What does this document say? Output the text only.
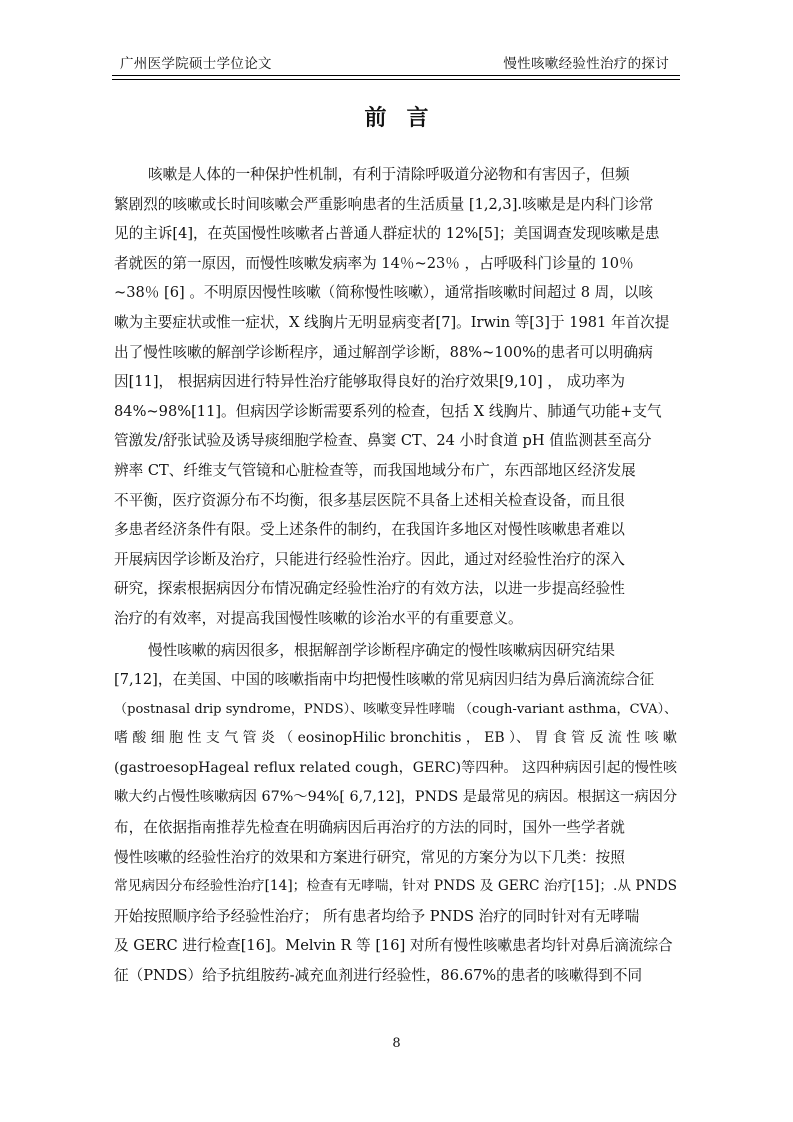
广州医学院硕士学位论文	慢性咳嗽经验性治疗的探讨
前言

咳嗽是人体的一种保护性机制，有利于清除呼吸道分泌物和有害因子，但频
繁剧烈的咳嗽或长时间咳嗽会严重影响患者的生活质量 [1,2,3].咳嗽是是内科门诊常
见的主诉[4]，在英国慢性咳嗽者占普通人群症状的 12%[5]；美国调查发现咳嗽是患
者就医的第一原因，而慢性咳嗽发病率为 14％~23％ ，占呼吸科门诊量的 10％
~38％ [6] 。不明原因慢性咳嗽（简称慢性咳嗽），通常指咳嗽时间超过 8 周，以咳
嗽为主要症状或惟一症状，X 线胸片无明显病变者[7]。Irwin 等[3]于 1981 年首次提
出了慢性咳嗽的解剖学诊断程序，通过解剖学诊断，88%~100%的患者可以明确病
因[11]， 根据病因进行特异性治疗能够取得良好的治疗效果[9,10] ， 成功率为
84%~98%[11]。但病因学诊断需要系列的检查，包括 X 线胸片、肺通气功能+支气
管激发/舒张试验及诱导痰细胞学检查、鼻窦 CT、24 小时食道 pH 值监测甚至高分
辨率 CT、纤维支气管镜和心脏检查等，而我国地域分布广，东西部地区经济发展
不平衡，医疗资源分布不均衡，很多基层医院不具备上述相关检查设备，而且很
多患者经济条件有限。受上述条件的制约，在我国许多地区对慢性咳嗽患者难以
开展病因学诊断及治疗，只能进行经验性治疗。因此，通过对经验性治疗的深入
研究，探索根据病因分布情况确定经验性治疗的有效方法，以进一步提高经验性
治疗的有效率，对提高我国慢性咳嗽的诊治水平的有重要意义。

慢性咳嗽的病因很多，根据解剖学诊断程序确定的慢性咳嗽病因研究结果
[7,12]，在美国、中国的咳嗽指南中均把慢性咳嗽的常见病因归结为鼻后滴流综合征
（postnasal drip syndrome，PNDS）、咳嗽变异性哮喘 （cough-variant asthma，CVA）、
嗜 酸 细 胞 性 支 气 管 炎 （ eosinopHilic bronchitis ， EB ）、 胃 食 管 反 流 性 咳 嗽
(gastroesopHageal reflux related cough，GERC)等四种。 这四种病因引起的慢性咳
嗽大约占慢性咳嗽病因 67%～94%[ 6,7,12]，PNDS 是最常见的病因。根据这一病因分
布，在依据指南推荐先检查在明确病因后再治疗的方法的同时，国外一些学者就
慢性咳嗽的经验性治疗的效果和方案进行研究，常见的方案分为以下几类：按照
常见病因分布经验性治疗[14]；检查有无哮喘，针对 PNDS 及 GERC 治疗[15]；.从 PNDS
开始按照顺序给予经验性治疗； 所有患者均给予 PNDS 治疗的同时针对有无哮喘
及 GERC 进行检查[16]。Melvin R 等 [16] 对所有慢性咳嗽患者均针对鼻后滴流综合
征（PNDS）给予抗组胺药-减充血剂进行经验性，86.67%的患者的咳嗽得到不同

8
